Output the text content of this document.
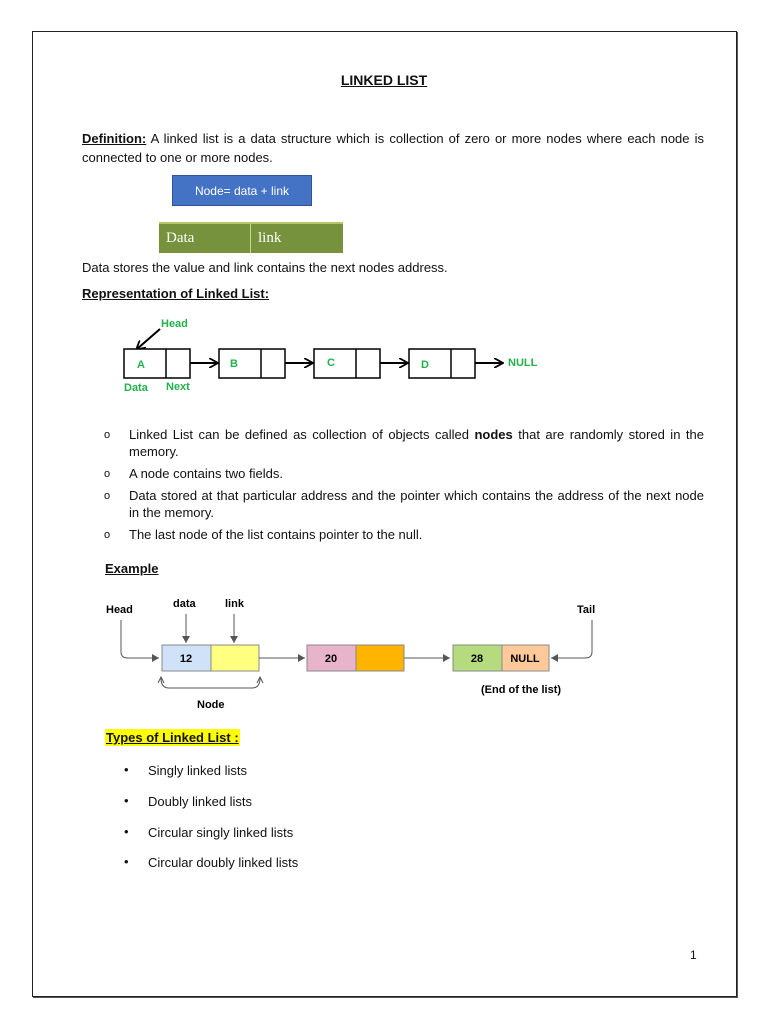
LINKED LIST
Definition: A linked list is a data structure which is collection of zero or more nodes where each node is connected to one or more nodes.
Node= data + link
Data	link
Data stores the value and link contains the next nodes address.
Representation of Linked List:
Head
A	B	C	D	NULL
Data Next
o Linked List can be defined as collection of objects called nodes that are randomly stored in the memory.
o A node contains two fields.
o Data stored at that particular address and the pointer which contains the address of the next node in the memory.
o The last node of the list contains pointer to the null.
Example
Head	data	link	Tail
12	20	28 NULL
Node
(End of the list)
Types of Linked List :
• Singly linked lists
• Doubly linked lists
• Circular singly linked lists
• Circular doubly linked lists
1
